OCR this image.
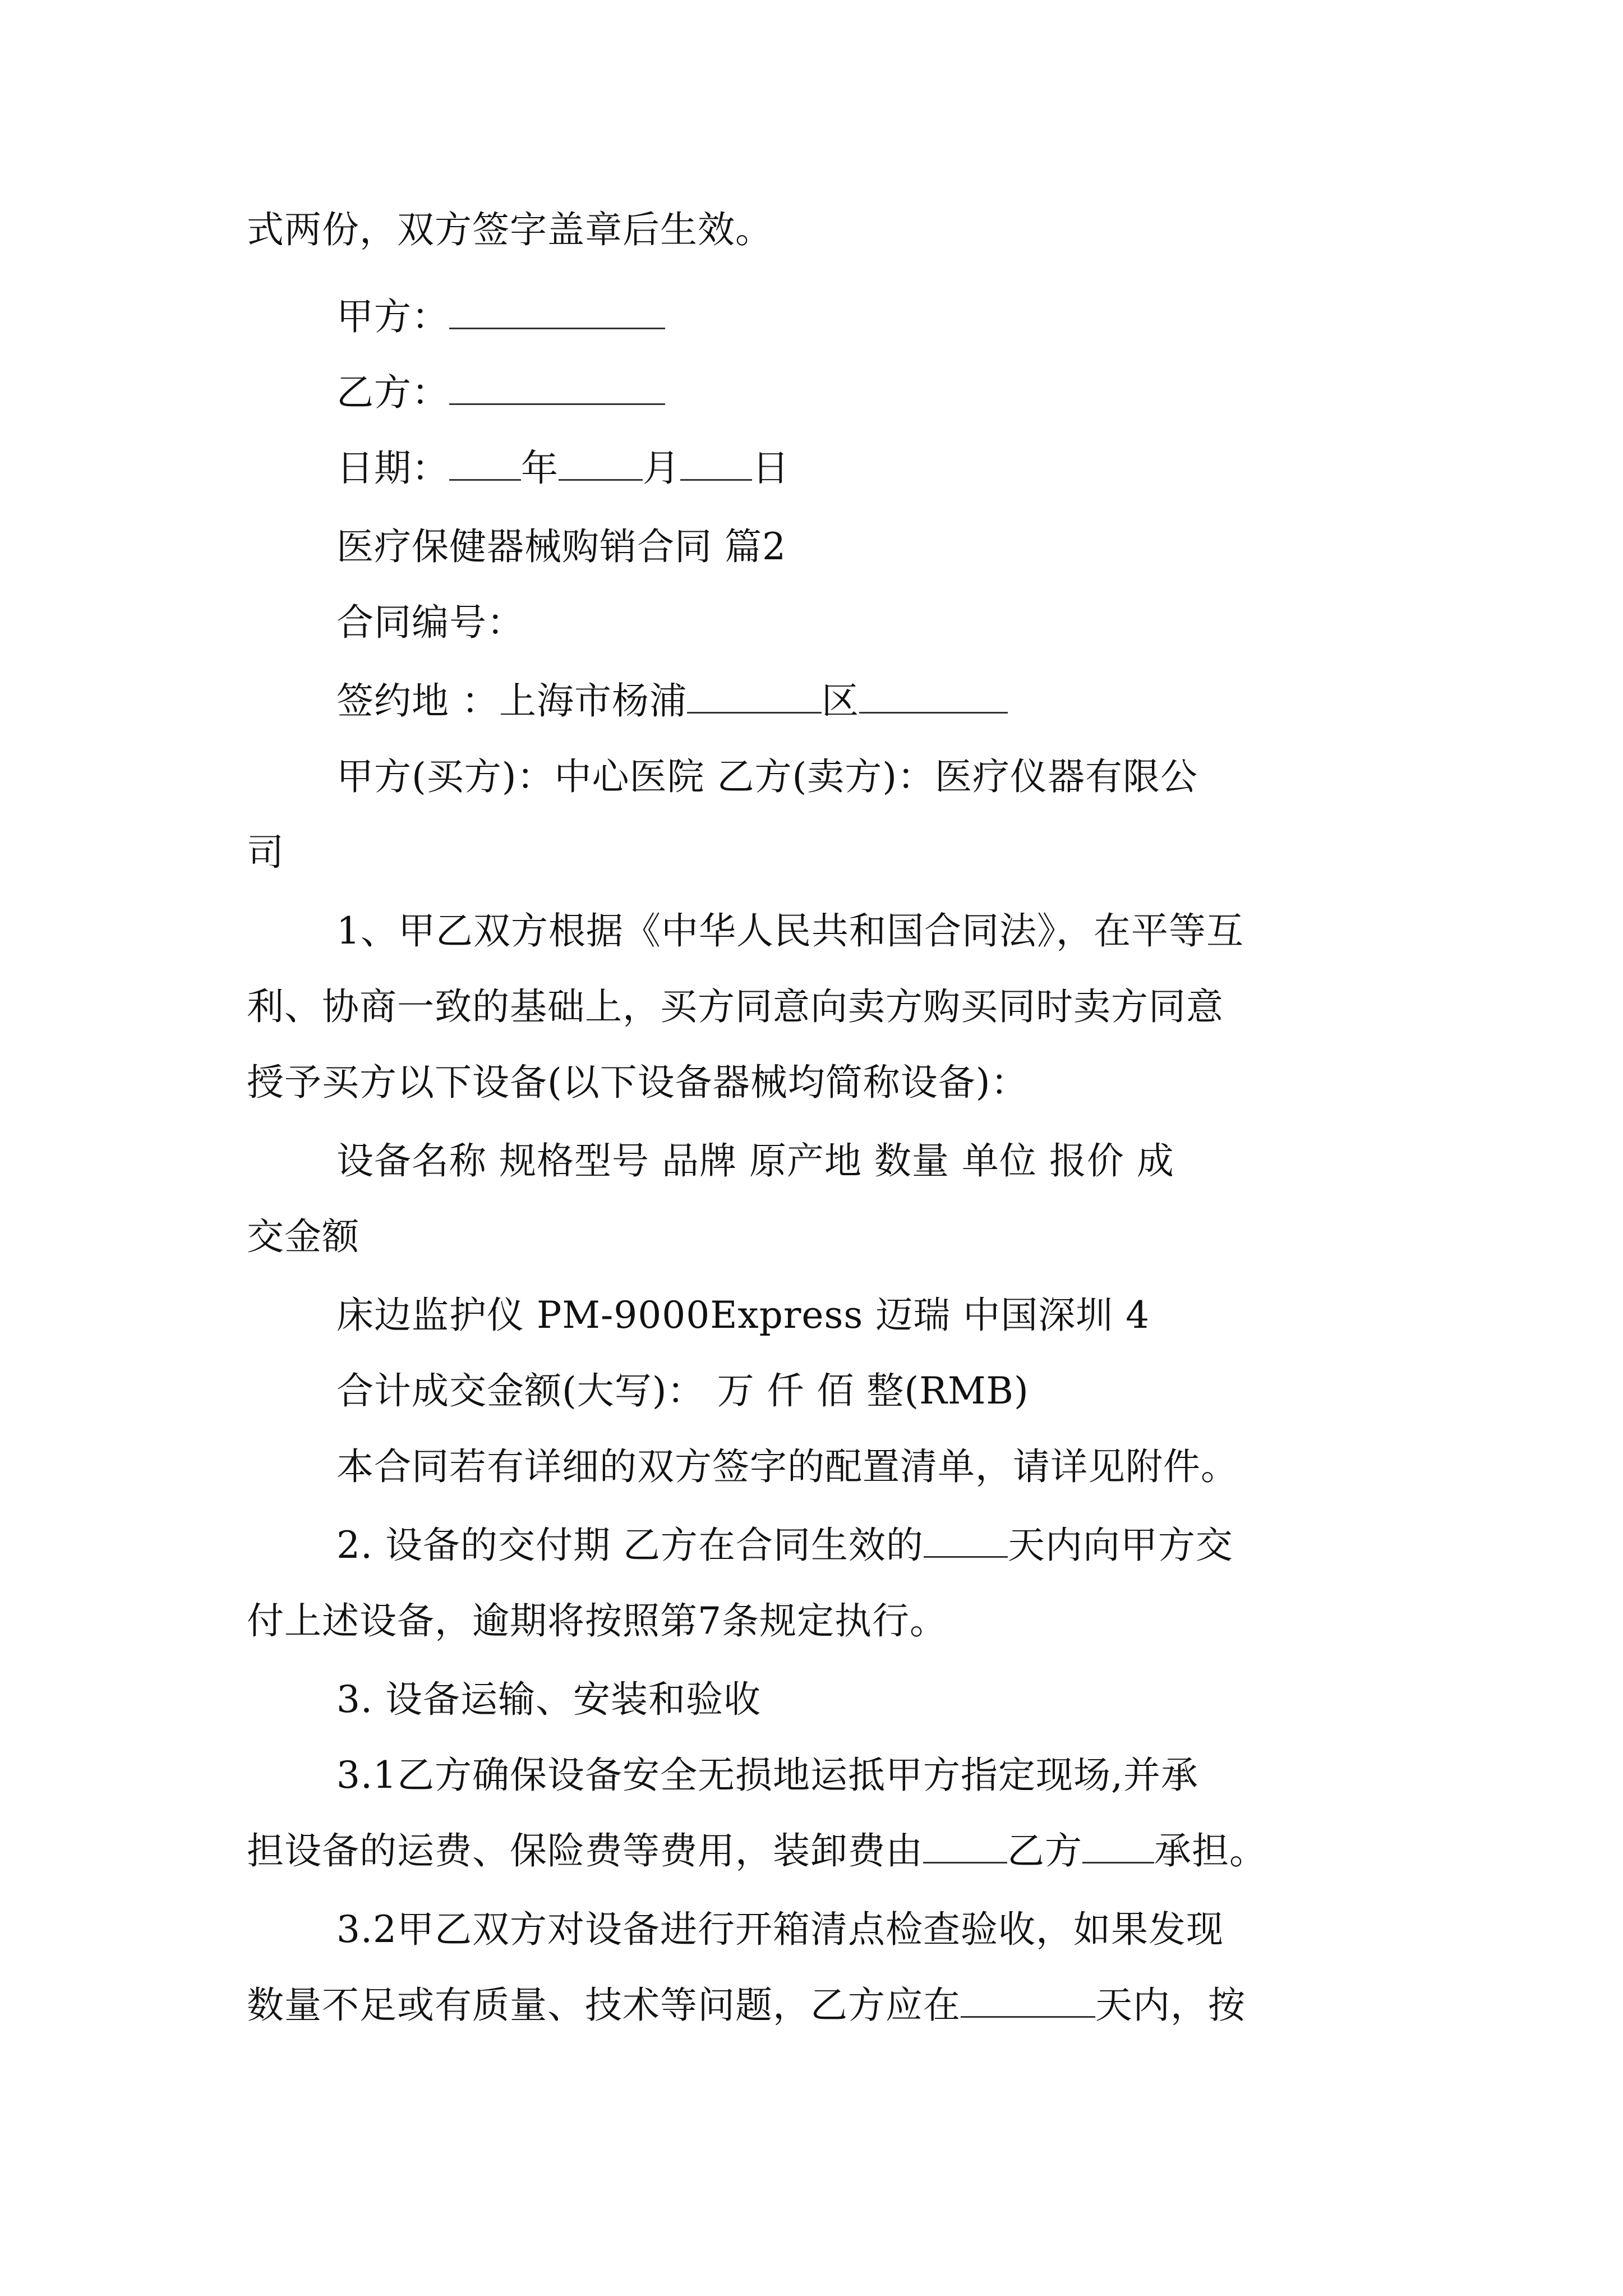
式两份，双方签字盖章后生效。
甲方：
乙方：
日期： 年 月 日
医疗保健器械购销合同 篇2
合同编号：
签约地 ：上海市杨浦	区
甲方(买方)：中心医院 乙方(卖方)：医疗仪器有限公
司
1、甲乙双方根据《中华人民共和国合同法》，在平等互
利、协商一致的基础上，买方同意向卖方购买同时卖方同意
授予买方以下设备(以下设备器械均简称设备)：
设备名称 规格型号 品牌 原产地 数量 单位 报价 成
交金额
床边监护仪 PM-9000Express 迈瑞 中国深圳 4
合计成交金额(大写)： 万 仟 佰 整(RMB)
本合同若有详细的双方签字的配置清单，请详见附件。
2. 设备的交付期 乙方在合同生效的 天内向甲方交
付上述设备，逾期将按照第7条规定执行。
3. 设备运输、安装和验收
3.1乙方确保设备安全无损地运抵甲方指定现场,并承
担设备的运费、保险费等费用，装卸费由 乙方 承担。
3.2甲乙双方对设备进行开箱清点检查验收，如果发现
数量不足或有质量、技术等问题，乙方应在	天内，按
